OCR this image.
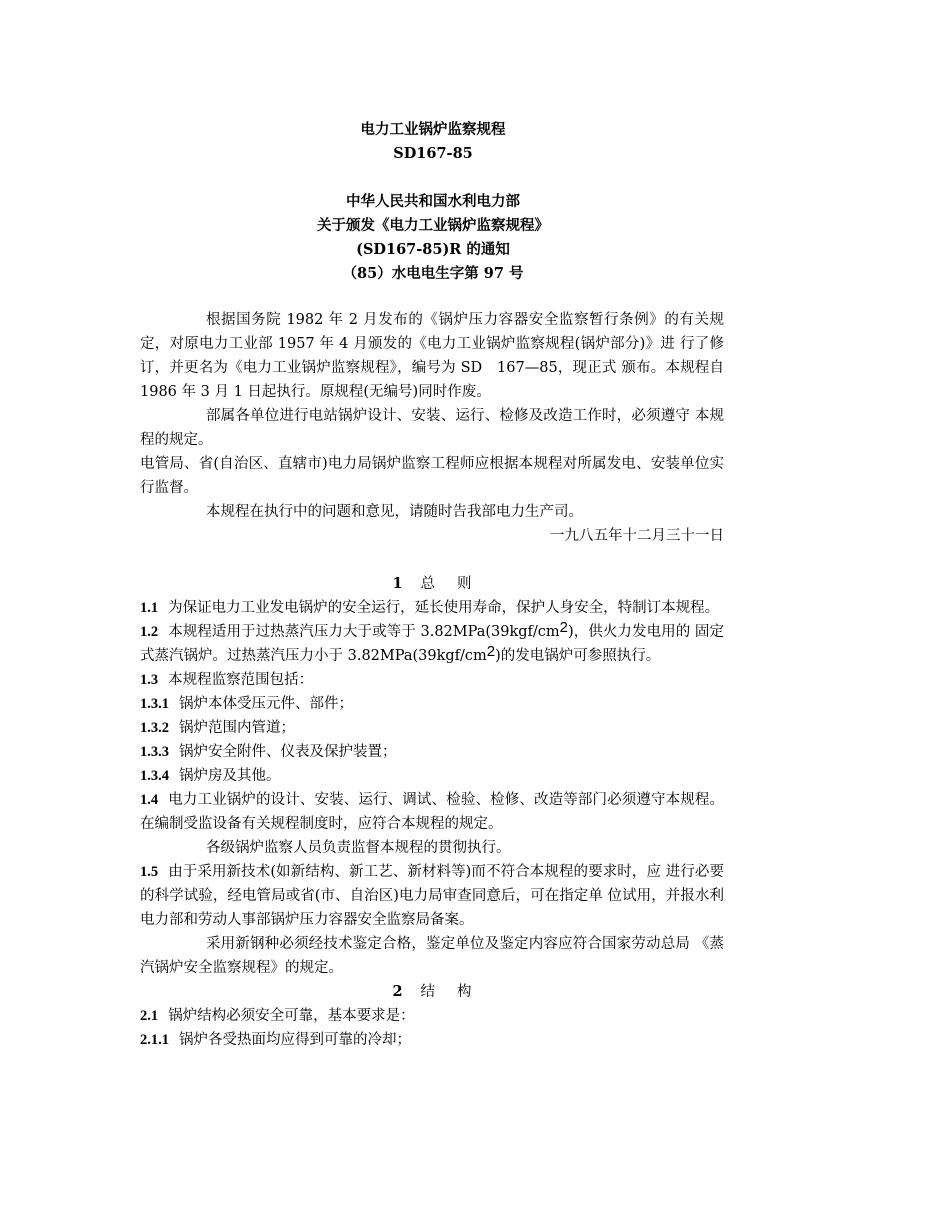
电力工业锅炉监察规程
SD167-85
中华人民共和国水利电力部
关于颁发《电力工业锅炉监察规程》
(SD167-85)R 的通知
（85）水电电生字第 97 号

根据国务院 1982 年 2 月发布的《锅炉压力容器安全监察暂行条例》的有关规 定，对原电力工业部 1957 年 4 月颁发的《电力工业锅炉监察规程(锅炉部分)》进 行了修订，并更名为《电力工业锅炉监察规程》，编号为 SD　167—85，现正式 颁布。本规程自 1986 年 3 月 1 日起执行。原规程(无编号)同时作废。

部属各单位进行电站锅炉设计、安装、运行、检修及改造工作时，必须遵守 本规程的规定。

电管局、省(自治区、直辖市)电力局锅炉监察工程师应根据本规程对所属发电、安装单位实行监督。

本规程在执行中的问题和意见，请随时告我部电力生产司。

一九八五年十二月三十一日

1 总则

1.1 为保证电力工业发电锅炉的安全运行，延长使用寿命，保护人身安全，特制订本规程。

1.2 本规程适用于过热蒸汽压力大于或等于 $3.82MPa(39kgf/cm^2)$，供火力发电用的 固定式蒸汽锅炉。过热蒸汽压力小于 $3.82MPa(39kgf/cm^2)$的发电锅炉可参照执行。

1.3 本规程监察范围包括：

1.3.1 锅炉本体受压元件、部件；

1.3.2 锅炉范围内管道；

1.3.3 锅炉安全附件、仪表及保护装置；

1.3.4 锅炉房及其他。

1.4 电力工业锅炉的设计、安装、运行、调试、检验、检修、改造等部门必须遵守本规程。在编制受监设备有关规程制度时，应符合本规程的规定。

各级锅炉监察人员负责监督本规程的贯彻执行。

1.5 由于采用新技术(如新结构、新工艺、新材料等)而不符合本规程的要求时，应 进行必要的科学试验，经电管局或省(市、自治区)电力局审查同意后，可在指定单 位试用，并报水利电力部和劳动人事部锅炉压力容器安全监察局备案。

采用新钢种必须经技术鉴定合格，鉴定单位及鉴定内容应符合国家劳动总局 《蒸汽锅炉安全监察规程》的规定。

2 结构

2.1 锅炉结构必须安全可靠，基本要求是：

2.1.1 锅炉各受热面均应得到可靠的冷却；
